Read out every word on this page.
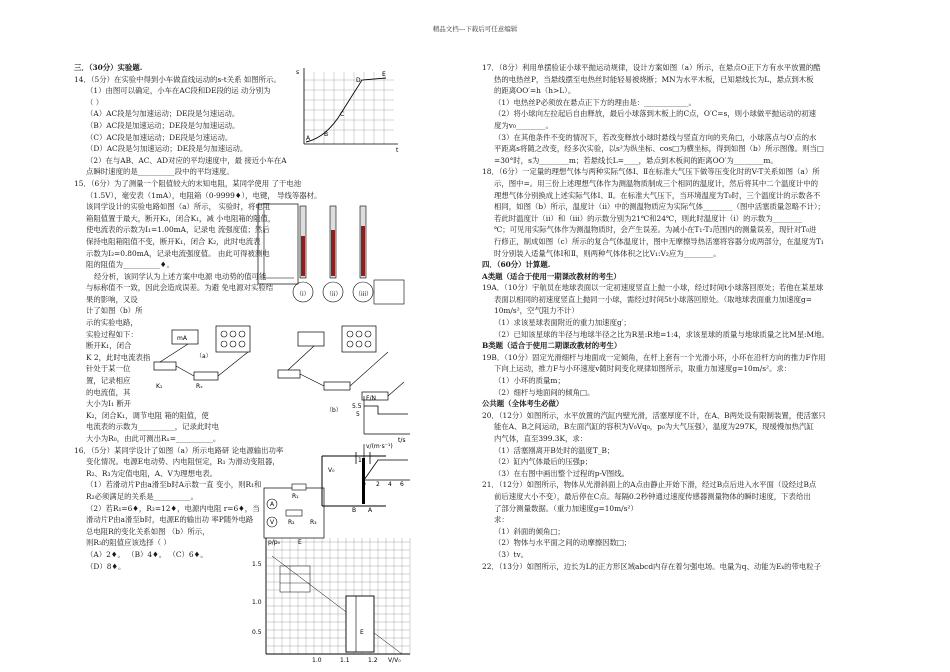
精品文档---下载后可任意编辑
三．（30分）实验题.
14．（5分）在实验中得到小车做直线运动的s-t关系 如图所示。
（1）由图可以确定，小车在AC段和DE段的运 动分别为
（ ）
（A）AC段是匀加速运动；DE段是匀速运动。
（B）AC段是加速运动；DE段是匀加速运动。
（C）AC段是加速运动；DE段是匀速运动。
（D）AC段是匀加速运动；DE段是匀加速运动。
（2）在与AB、AC、AD对应的平均速度中，最 接近小车在A
点瞬时速度的是__________段中的平均速度。
15．（6分）为了测量一个阻值较大的末知电阻，某同学使用 了干电池
（1.5V），毫安表（1mA），电阻箱（0-9999♦），电键， 导线等器材。
该同学设计的实验电路如图（a）所示， 实验时，将电阻
箱阻值置于最大，断开K₂，闭合K₁，减 小电阻箱的阻值，
使电流表的示数为I₁=1.00mA，记录电 流强度值；然后
保持电阻箱阻值不变，断开K₁，闭合 K₂，此时电流表
示数为I₂=0.80mA，记录电流强度值。 由此可得被测电
阻的阻值为__________♦。
经分析，该同学认为上述方案中电源 电动势的值可能
与标称值不一致，因此会造成误差。为避 免电源对实验结
果的影响，又设
计了如图（b）所
示的实验电路，
实验过程如下：
断开K₁，闭合
K 2，此时电流表指
针处于某一位
置，记录相应
的电流值，其
大小为I₁ 断开
K₂，闭合K₁，调节电阻 箱的阻值，使
电流表的示数为__________，记录此时电
大小为R₀，由此可测出Rₓ=__________。
16．（5分）某同学设计了如图（a）所示电路研 论电源输出功率
变化情况。电源E电动势、内电阻恒定，R₁ 为滑动变阻器，
R₂、R₃为定值电阻，A、V为理想电表。
（1）若滑动片P由a滑至b时A示数一直 变小，则R₁和
R₂必须满足的关系是__________。
（2）若R₁=6♦，R₂=12♦，电源内电阻 r=6♦，当
滑动片P由a滑至b时，电源E的输出功 率P随外电路
总电阻R的变化关系如图 （b）所示，
则R₃的阻值应该选择（ ）
（A）2♦。 （B）4♦。 （C）6♦。
（D）8♦。
17．（8分）利用单摆验证小球平抛运动规律，设计方案如图（a）所示，在悬点O正下方有水平放置的酷
热的电热丝P，当悬线摆至电热丝时能轻易被烧断；MN为水平木板，已知悬线长为L，悬点到木板
的距离OO′=h（h>L）。
（1）电热丝P必须放在悬点正下方的理由是：____________。
（2）将小球向左拉起后自由释放，最后小球落到木板上的C点，O′C=s，则小球做平抛运动的初速
度为v₀________。
（3）在其他条件不变的情况下，若改变释放小球时悬线与竖直方向的夹角□，小球落点与O′点的水
平距离s将随之改变，经多次实验，以s²为纵坐标、cos□为横坐标，得到如图（b）所示图像。则当□
=30°时，s为________m；若悬线长L=____，悬点到木板间的距离OO′为________m。
18．（6分）一定量的理想气体与两种实际气体Ⅰ、Ⅱ在标准大气压下做等压变化时的V-T关系如图（a）所
示，图中=。用三份上述理想气体作为测温物质制成三个相同的温度计，然后将其中二个温度计中的
理想气体分别换成上述实际气体Ⅰ、Ⅱ。在标准大气压下，当环境温度为T₀时，三个温度计的示数各不
相同，如图（b）所示，温度计（ii）中的测温物质应为实际气体________（图中活塞质量忽略不计）；
若此时温度计（ii）和（iii）的示数分别为21℃和24℃，则此时温度计（i）的示数为________
℃；可见用实际气体作为测温物质时，会产生误差。为减小在T₁-T₂范围内的测量误差，现针对T₀进
行修正，制成如图（c）所示的复合气体温度计，图中无摩擦导热活塞将容器分成两部分，在温度为T₁
时分别装入适量气体Ⅰ和Ⅱ，则两种气体体积之比V₁:V₂应为________。
四．（60分）计算题.
A类题（适合于使用一期课改教材的考生）
19A．（10分）宇航员在地球表面以一定初速度竖直上抛一小球，经过时间t小球落回原处；若他在某星球
表面以相同的初速度竖直上抛同一小球，需经过时间5t小球落回原处。（取地球表面重力加速度g=
10m/s²，空气阻力不计）
（1）求该星球表面附近的重力加速度g′；
（2）已知该星球的半径与地球半径之比为R星:R地=1:4，求该星球的质量与地球质量之比M星:M地。
B类题（适合于使用二期课改教材的考生）
19B．（10分）固定光滑细杆与地面成一定倾角，在杆上套有一个光滑小环，小环在沿杆方向的推力F作用
下向上运动，推力F与小环速度v随时间变化规律如图所示，取重力加速度g=10m/s²。求：
（1）小环的质量m；
（2）细杆与地面间的倾角□。
公共题（全体考生必做）
20．（12分）如图所示，水平放置的汽缸内壁光滑，活塞厚度不计，在A、B两处设有限制装置，使活塞只
能在A、B之间运动，B左面汽缸的容积为V₀Vq₀，p₀为大气压强），温度为297K，现缓慢加热汽缸
内气体，直至399.3K，求：
（1）活塞刚离开B处时的温度T_B；
（2）缸内气体最后的压强p；
（3）在右图中画出整个过程的p-V图线。
21．（12分）如图所示，物体从光滑斜面上的A点由静止开始下滑，经过B点后进入水平面（设经过B点
前后速度大小不变），最后停在C点。每隔0.2秒钟通过速度传感器测量物体的瞬时速度，下表给出
了部分测量数据。（重力加速度g=10m/s²）
求：
（1）斜面的倾角□；
（2）物体与水平面之间的动摩擦因数□；
（3）tv。
22．（13分）如图所示，边长为L的正方形区域abcd内存在着匀强电场。电量为q、动能为Eₖ的带电粒子
s
t
A
B
C
D
E
（i）	（ii） （iii）
mA
K₁	Rₓ
（a）
（b）
F/N
5.5
5
v/(m·s⁻¹)
1
2 4 6
t/s
V₀
B A
A
V
R₁
R₂	R₃
E
E
p/p₀
1.5
1.0
0.5
1.0	1.1	1.2 V/V₀
